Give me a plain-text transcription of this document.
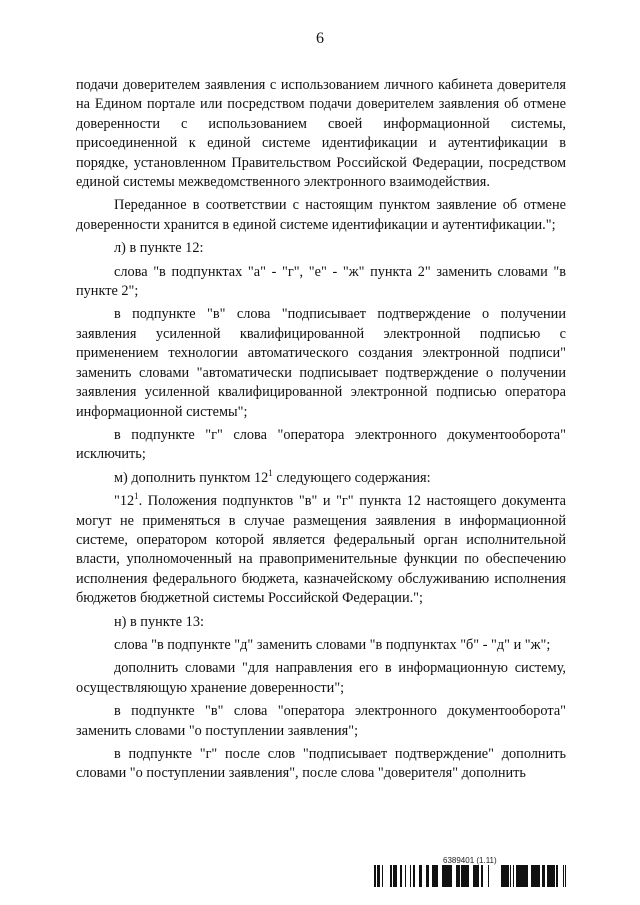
6

подачи доверителем заявления с использованием личного кабинета доверителя на Едином портале или посредством подачи доверителем заявления об отмене доверенности с использованием своей информационной системы, присоединенной к единой системе идентификации и аутентификации в порядке, установленном Правительством Российской Федерации, посредством единой системы межведомственного электронного взаимодействия.

Переданное в соответствии с настоящим пунктом заявление об отмене доверенности хранится в единой системе идентификации и аутентификации.";

л) в пункте 12:

слова "в подпунктах "а" - "г", "е" - "ж" пункта 2" заменить словами "в пункте 2";

в подпункте "в" слова "подписывает подтверждение о получении заявления усиленной квалифицированной электронной подписью с применением технологии автоматического создания электронной подписи" заменить словами "автоматически подписывает подтверждение о получении заявления усиленной квалифицированной электронной подписью оператора информационной системы";

в подпункте "г" слова "оператора электронного документооборота" исключить;

м) дополнить пунктом $12^1$ следующего содержания:

"$12^1$. Положения подпунктов "в" и "г" пункта 12 настоящего документа могут не применяться в случае размещения заявления в информационной системе, оператором которой является федеральный орган исполнительной власти, уполномоченный на правоприменительные функции по обеспечению исполнения федерального бюджета, казначейскому обслуживанию исполнения бюджетов бюджетной системы Российской Федерации.";

н) в пункте 13:

слова "в подпункте "д" заменить словами "в подпунктах "б" - "д" и "ж";

дополнить словами "для направления его в информационную систему, осуществляющую хранение доверенности";

в подпункте "в" слова "оператора электронного документооборота" заменить словами "о поступлении заявления";

в подпункте "г" после слов "подписывает подтверждение" дополнить словами "о поступлении заявления", после слова "доверителя" дополнить

6389401 (1.11)
